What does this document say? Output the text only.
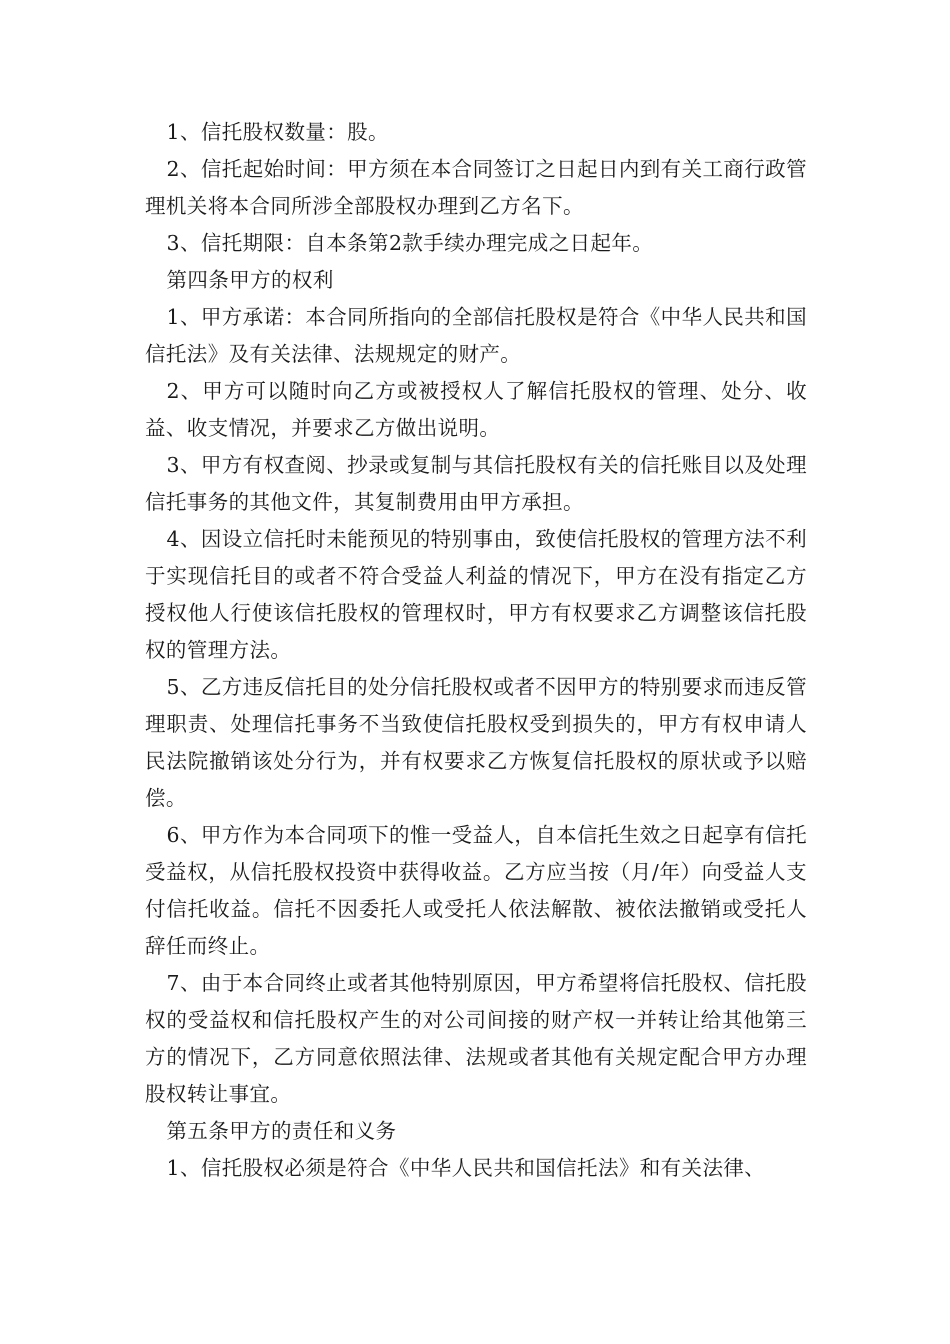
1、信托股权数量：股。

2、信托起始时间：甲方须在本合同签订之日起日内到有关工商行政管理机关将本合同所涉全部股权办理到乙方名下。

3、信托期限：自本条第2款手续办理完成之日起年。

第四条甲方的权利

1、甲方承诺：本合同所指向的全部信托股权是符合《中华人民共和国信托法》及有关法律、法规规定的财产。

2、甲方可以随时向乙方或被授权人了解信托股权的管理、处分、收益、收支情况，并要求乙方做出说明。

3、甲方有权查阅、抄录或复制与其信托股权有关的信托账目以及处理信托事务的其他文件，其复制费用由甲方承担。

4、因设立信托时未能预见的特别事由，致使信托股权的管理方法不利于实现信托目的或者不符合受益人利益的情况下，甲方在没有指定乙方授权他人行使该信托股权的管理权时，甲方有权要求乙方调整该信托股权的管理方法。

5、乙方违反信托目的处分信托股权或者不因甲方的特别要求而违反管理职责、处理信托事务不当致使信托股权受到损失的，甲方有权申请人民法院撤销该处分行为，并有权要求乙方恢复信托股权的原状或予以赔偿。

6、甲方作为本合同项下的惟一受益人，自本信托生效之日起享有信托受益权，从信托股权投资中获得收益。乙方应当按（月/年）向受益人支付信托收益。信托不因委托人或受托人依法解散、被依法撤销或受托人辞任而终止。

7、由于本合同终止或者其他特别原因，甲方希望将信托股权、信托股权的受益权和信托股权产生的对公司间接的财产权一并转让给其他第三方的情况下，乙方同意依照法律、法规或者其他有关规定配合甲方办理股权转让事宜。

第五条甲方的责任和义务

1、信托股权必须是符合《中华人民共和国信托法》和有关法律、
